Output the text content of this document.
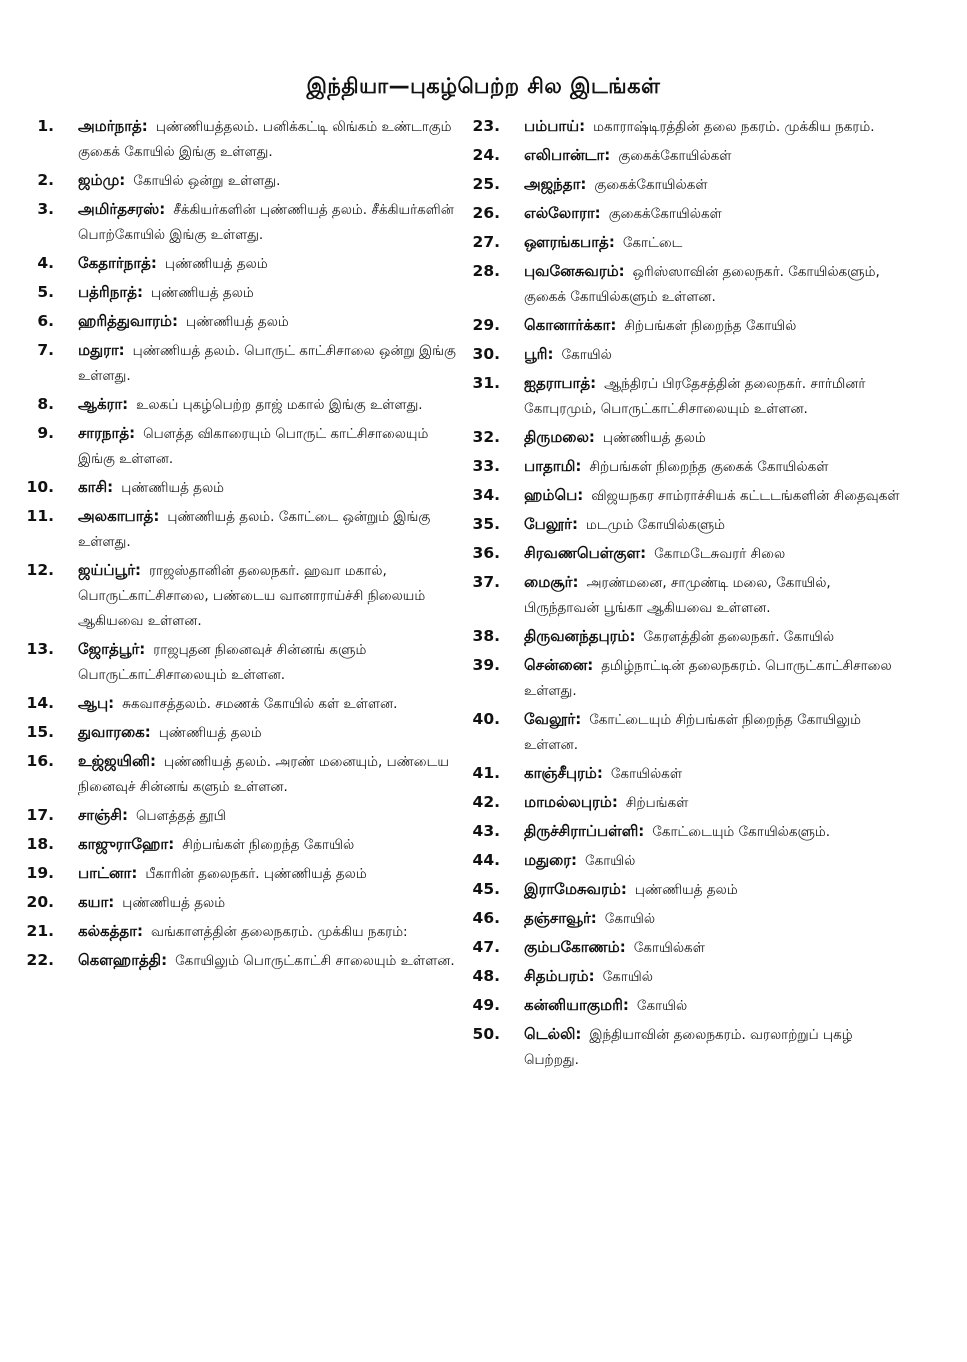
இந்தியா—புகழ்பெற்ற சில இடங்கள்
1. அமர்நாத்: புண்ணியத்தலம். பனிக்கட்டி லிங்கம் உண்டாகும் குகைக் கோயில் இங்கு உள்ளது.
2. ஜம்மு: கோயில் ஒன்று உள்ளது.
3. அமிர்தசரஸ்: சீக்கியர்களின் புண்ணியத் தலம். சீக்கியர்களின் பொற்கோயில் இங்கு உள்ளது.
4. கேதார்நாத்: புண்ணியத் தலம்
5. பத்ரிநாத்: புண்ணியத் தலம்
6. ஹரித்துவாரம்: புண்ணியத் தலம்
7. மதுரா: புண்ணியத் தலம். பொருட் காட்சிசாலை ஒன்று இங்கு உள்ளது.
8. ஆக்ரா: உலகப் புகழ்பெற்ற தாஜ் மகால் இங்கு உள்ளது.
9. சாரநாத்: பௌத்த விகாரையும் பொருட் காட்சிசாலையும் இங்கு உள்ளன.
10. காசி: புண்ணியத் தலம்
11. அலகாபாத்: புண்ணியத் தலம். கோட்டை ஒன்றும் இங்கு உள்ளது.
12. ஜய்ப்பூர்: ராஜஸ்தானின் தலைநகர். ஹவா மகால், பொருட்காட்சிசாலை, பண்டைய வானாராய்ச்சி நிலையம் ஆகியவை உள்ளன.
13. ஜோத்பூர்: ராஜபுதன நினைவுச் சின்னங் களும் பொருட்காட்சிசாலையும் உள்ளன.
14. ஆபு: சுகவாசத்தலம். சமணக் கோயில் கள் உள்ளன.
15. துவாரகை: புண்ணியத் தலம்
16. உஜ்ஜயினி: புண்ணியத் தலம். அரண் மனையும், பண்டைய நினைவுச் சின்னங் களும் உள்ளன.
17. சாஞ்சி: பௌத்தத் தூபி
18. காஜுராஹோ: சிற்பங்கள் நிறைந்த கோயில்
19. பாட்னா: பீகாரின் தலைநகர். புண்ணியத் தலம்
20. கயா: புண்ணியத் தலம்
21. கல்கத்தா: வங்காளத்தின் தலைநகரம். முக்கிய நகரம்:
22. கௌஹாத்தி: கோயிலும் பொருட்காட்சி சாலையும் உள்ளன.
23. பம்பாய்: மகாராஷ்டிரத்தின் தலை நகரம். முக்கிய நகரம்.
24. எலிபான்டா: குகைக்கோயில்கள்
25. அஜந்தா: குகைக்கோயில்கள்
26. எல்லோரா: குகைக்கோயில்கள்
27. ஔரங்கபாத்: கோட்டை
28. புவனேசுவரம்: ஒரிஸ்ஸாவின் தலைநகர். கோயில்களும், குகைக் கோயில்களும் உள்ளன.
29. கொனார்க்கா: சிற்பங்கள் நிறைந்த கோயில்
30. பூரி: கோயில்
31. ஐதராபாத்: ஆந்திரப் பிரதேசத்தின் தலைநகர். சார்மினர் கோபுரமும், பொருட்காட்சிசாலையும் உள்ளன.
32. திருமலை: புண்ணியத் தலம்
33. பாதாமி: சிற்பங்கள் நிறைந்த குகைக் கோயில்கள்
34. ஹம்பெ: விஜயநகர சாம்ராச்சியக் கட்டடங்களின் சிதைவுகள்
35. பேலூர்: மடமும் கோயில்களும்
36. சிரவணபெள்குள: கோமடேசுவரர் சிலை
37. மைசூர்: அரண்மனை, சாமுண்டி மலை, கோயில், பிருந்தாவன் பூங்கா ஆகியவை உள்ளன.
38. திருவனந்தபுரம்: கேரளத்தின் தலைநகர். கோயில்
39. சென்னை: தமிழ்நாட்டின் தலைநகரம். பொருட்காட்சிசாலை உள்ளது.
40. வேலூர்: கோட்டையும் சிற்பங்கள் நிறைந்த கோயிலும் உள்ளன.
41. காஞ்சீபுரம்: கோயில்கள்
42. மாமல்லபுரம்: சிற்பங்கள்
43. திருச்சிராப்பள்ளி: கோட்டையும் கோயில்களும்.
44. மதுரை: கோயில்
45. இராமேசுவரம்: புண்ணியத் தலம்
46. தஞ்சாவூர்: கோயில்
47. கும்பகோணம்: கோயில்கள்
48. சிதம்பரம்: கோயில்
49. கன்னியாகுமரி: கோயில்
50. டெல்லி: இந்தியாவின் தலைநகரம். வரலாற்றுப் புகழ் பெற்றது.
